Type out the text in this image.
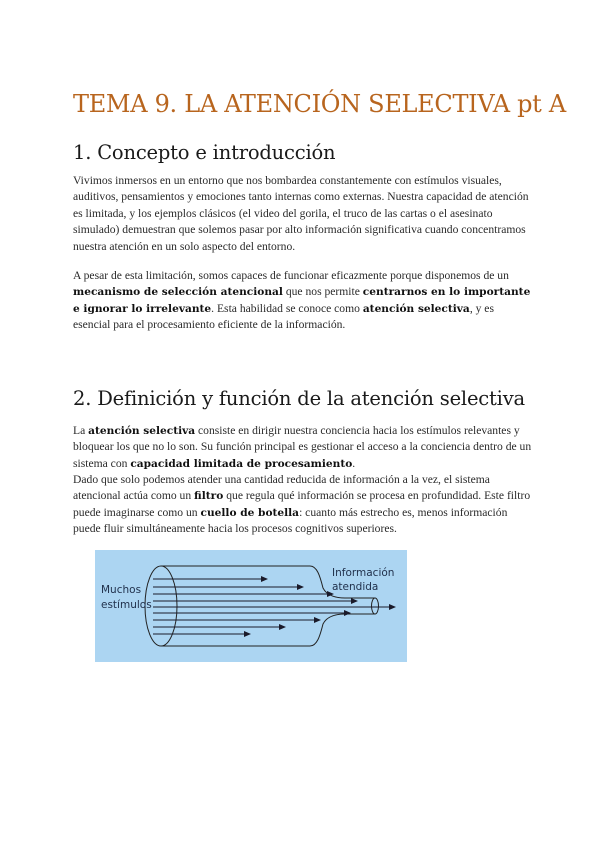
TEMA 9. LA ATENCIÓN SELECTIVA pt A
1. Concepto e introducción

Vivimos inmersos en un entorno que nos bombardea constantemente con estímulos visuales, auditivos, pensamientos y emociones tanto internas como externas. Nuestra capacidad de atención es limitada, y los ejemplos clásicos (el video del gorila, el truco de las cartas o el asesinato simulado) demuestran que solemos pasar por alto información significativa cuando concentramos nuestra atención en un solo aspecto del entorno.

A pesar de esta limitación, somos capaces de funcionar eficazmente porque disponemos de un mecanismo de selección atencional que nos permite centrarnos en lo importante e ignorar lo irrelevante. Esta habilidad se conoce como atención selectiva, y es esencial para el procesamiento eficiente de la información.

2. Definición y función de la atención selectiva

La atención selectiva consiste en dirigir nuestra conciencia hacia los estímulos relevantes y bloquear los que no lo son. Su función principal es gestionar el acceso a la conciencia dentro de un sistema con capacidad limitada de procesamiento.

Dado que solo podemos atender una cantidad reducida de información a la vez, el sistema atencional actúa como un filtro que regula qué información se procesa en profundidad. Este filtro puede imaginarse como un cuello de botella: cuanto más estrecho es, menos información puede fluir simultáneamente hacia los procesos cognitivos superiores.

Muchos
estímulos
Información
atendida
